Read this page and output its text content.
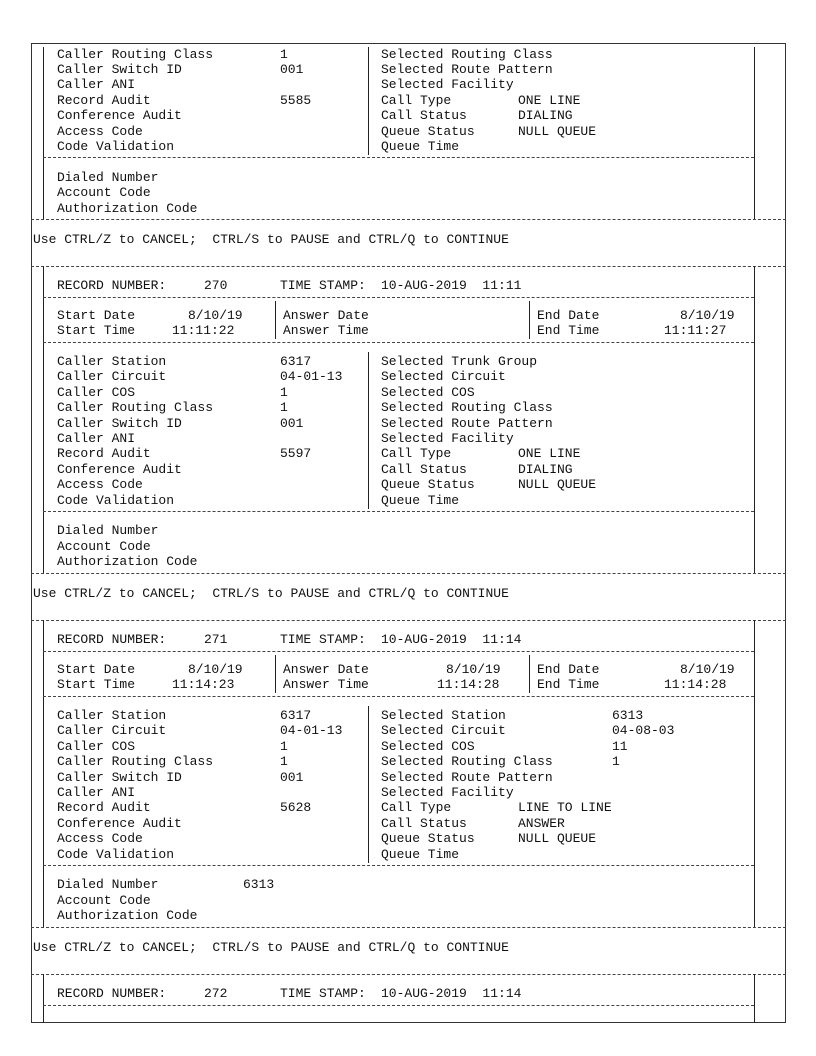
Caller Routing Class	1
Caller Switch ID	001
Caller ANI
Record Audit	5585
Conference Audit
Access Code
Code Validation
Selected Routing Class
Selected Route Pattern
Selected Facility
Call Type	ONE LINE
Call Status	DIALING
Queue Status	NULL QUEUE
Queue Time
Dialed Number
Account Code
Authorization Code
Use CTRL/Z to CANCEL;  CTRL/S to PAUSE and CTRL/Q to CONTINUE
RECORD NUMBER:	270	TIME STAMP: 10-AUG-2019  11:11
Start Date	8/10/19
Start Time	11:11:22
Answer Date
Answer Time
End Date	8/10/19
End Time	11:11:27
Caller Station	6317
Caller Circuit	04-01-13
Caller COS	1
Caller Routing Class	1
Caller Switch ID	001
Caller ANI
Record Audit	5597
Conference Audit
Access Code
Code Validation
Selected Trunk Group
Selected Circuit
Selected COS
Selected Routing Class
Selected Route Pattern
Selected Facility
Call Type	ONE LINE
Call Status	DIALING
Queue Status	NULL QUEUE
Queue Time
Dialed Number
Account Code
Authorization Code
Use CTRL/Z to CANCEL;  CTRL/S to PAUSE and CTRL/Q to CONTINUE
RECORD NUMBER:	271	TIME STAMP: 10-AUG-2019  11:14
Start Date	8/10/19
Start Time	11:14:23
Answer Date	8/10/19
Answer Time	11:14:28
End Date	8/10/19
End Time	11:14:28
Caller Station	6317
Caller Circuit	04-01-13
Caller COS	1
Caller Routing Class	1
Caller Switch ID	001
Caller ANI
Record Audit	5628
Conference Audit
Access Code
Code Validation
Selected Station	6313
Selected Circuit	04-08-03
Selected COS	11
Selected Routing Class	1
Selected Route Pattern
Selected Facility
Call Type	LINE TO LINE
Call Status	ANSWER
Queue Status	NULL QUEUE
Queue Time
Dialed Number	6313
Account Code
Authorization Code
Use CTRL/Z to CANCEL;  CTRL/S to PAUSE and CTRL/Q to CONTINUE
RECORD NUMBER:	272	TIME STAMP: 10-AUG-2019  11:14
